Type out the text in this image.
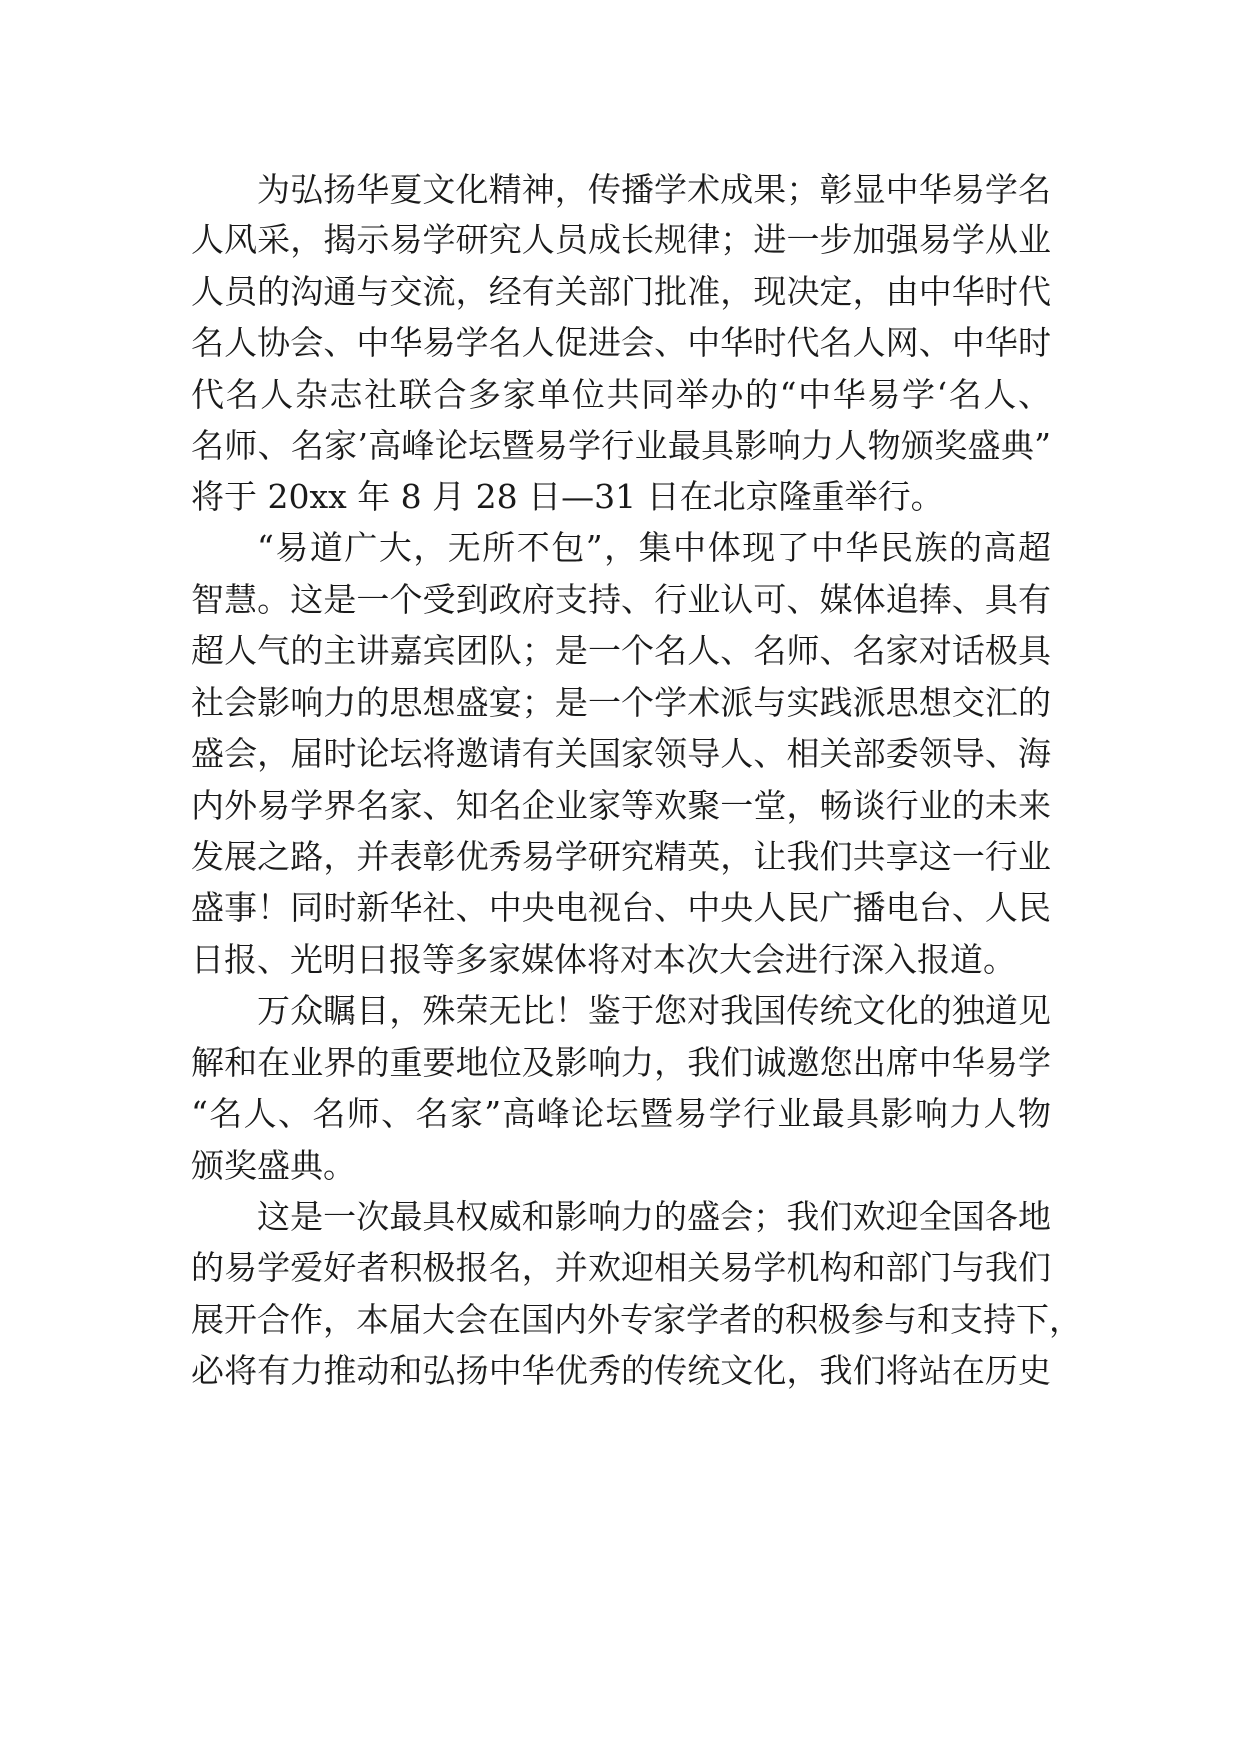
为弘扬华夏文化精神，传播学术成果；彰显中华易学名
人风采，揭示易学研究人员成长规律；进一步加强易学从业
人员的沟通与交流，经有关部门批准，现决定，由中华时代
名人协会、中华易学名人促进会、中华时代名人网、中华时
代名人杂志社联合多家单位共同举办的“中华易学‘名人、
名师、名家’高峰论坛暨易学行业最具影响力人物颁奖盛典”
将于 20xx 年 8 月 28 日—31 日在北京隆重举行。
“易道广大，无所不包”，集中体现了中华民族的高超
智慧。这是一个受到政府支持、行业认可、媒体追捧、具有
超人气的主讲嘉宾团队；是一个名人、名师、名家对话极具
社会影响力的思想盛宴；是一个学术派与实践派思想交汇的
盛会，届时论坛将邀请有关国家领导人、相关部委领导、海
内外易学界名家、知名企业家等欢聚一堂，畅谈行业的未来
发展之路，并表彰优秀易学研究精英，让我们共享这一行业
盛事！同时新华社、中央电视台、中央人民广播电台、人民
日报、光明日报等多家媒体将对本次大会进行深入报道。
万众瞩目，殊荣无比！鉴于您对我国传统文化的独道见
解和在业界的重要地位及影响力，我们诚邀您出席中华易学
“名人、名师、名家”高峰论坛暨易学行业最具影响力人物
颁奖盛典。
这是一次最具权威和影响力的盛会；我们欢迎全国各地
的易学爱好者积极报名，并欢迎相关易学机构和部门与我们
展开合作，本届大会在国内外专家学者的积极参与和支持下，
必将有力推动和弘扬中华优秀的传统文化，我们将站在历史
